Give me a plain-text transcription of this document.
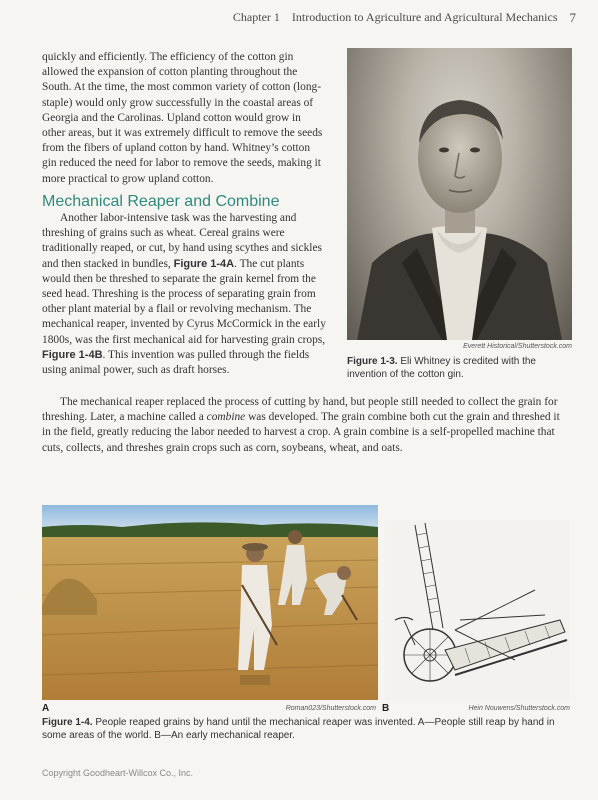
Chapter 1 Introduction to Agriculture and Agricultural Mechanics 7

quickly and efficiently. The efficiency of the cotton gin allowed the expansion of cotton planting throughout the South. At the time, the most common variety of cotton (long-staple) would only grow successfully in the coastal areas of Georgia and the Carolinas. Upland cotton would grow in other areas, but it was extremely difficult to remove the seeds from the fibers of upland cotton by hand. Whitney’s cotton gin reduced the need for labor to remove the seeds, making it more practical to grow upland cotton.

Mechanical Reaper and Combine

Another labor-intensive task was the harvesting and threshing of grains such as wheat. Cereal grains were traditionally reaped, or cut, by hand using scythes and sickles and then stacked in bundles, Figure 1-4A. The cut plants would then be threshed to separate the grain kernel from the seed head. Threshing is the process of separating grain from other plant material by a flail or revolving mechanism. The mechanical reaper, invented by Cyrus McCormick in the early 1800s, was the first mechanical aid for harvesting grain crops, Figure 1-4B. This invention was pulled through the fields using animal power, such as draft horses.

Everett Historical/Shutterstock.com
Figure 1-3. Eli Whitney is credited with the invention of the cotton gin.

The mechanical reaper replaced the process of cutting by hand, but people still needed to collect the grain for threshing. Later, a machine called a combine was developed. The grain combine both cut the grain and threshed it in the field, greatly reducing the labor needed to harvest a crop. A grain combine is a self-propelled machine that cuts, collects, and threshes grain crops such as corn, soybeans, wheat, and oats.

A	Roman023/Shutterstock.com B	Hein Nouwens/Shutterstock.com
Figure 1-4. People reaped grains by hand until the mechanical reaper was invented. A—People still reap by hand in some areas of the world. B—An early mechanical reaper.
Copyright Goodheart-Willcox Co., Inc.
